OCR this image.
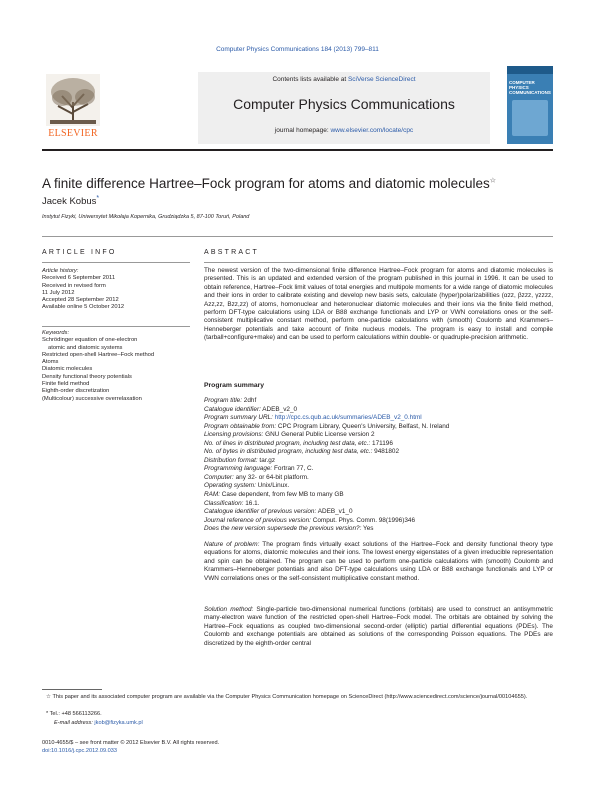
Computer Physics Communications 184 (2013) 799–811
ELSEVIER
Contents lists available at SciVerse ScienceDirect
Computer Physics Communications
journal homepage: www.elsevier.com/locate/cpc
COMPUTER PHYSICS COMMUNICATIONS
A finite difference Hartree–Fock program for atoms and diatomic molecules☆
Jacek Kobus*
Instytut Fizyki, Uniwersytet Mikołaja Kopernika, Grudziądzka 5, 87-100 Toruń, Poland
ARTICLE INFO
Article history:
Received 6 September 2011
Received in revised form
11 July 2012
Accepted 28 September 2012
Available online 5 October 2012
Keywords:
Schrödinger equation of one-electron
atomic and diatomic systems
Restricted open-shell Hartree–Fock method
Atoms
Diatomic molecules
Density functional theory potentials
Finite field method
Eighth-order discretization
(Multicolour) successive overrelaxation
ABSTRACT
The newest version of the two-dimensional finite difference Hartree–Fock program for atoms and diatomic molecules is presented. This is an updated and extended version of the program published in this journal in 1996. It can be used to obtain reference, Hartree–Fock limit values of total energies and multipole moments for a wide range of diatomic molecules and their ions in order to calibrate existing and develop new basis sets, calculate (hyper)polarizabilities (αzz, βzzz, γzzzz, Azz,zz, Bzz,zz) of atoms, homonuclear and heteronuclear diatomic molecules and their ions via the finite field method, perform DFT-type calculations using LDA or B88 exchange functionals and LYP or VWN correlations ones or the self-consistent multiplicative constant method, perform one-particle calculations with (smooth) Coulomb and Krammers–Henneberger potentials and take account of finite nucleus models. The program is easy to install and compile (tarball+configure+make) and can be used to perform calculations within double- or quadruple-precision arithmetic.
Program summary
Program title: 2dhf
Catalogue identifier: ADEB_v2_0
Program summary URL: http://cpc.cs.qub.ac.uk/summaries/ADEB_v2_0.html
Program obtainable from: CPC Program Library, Queen's University, Belfast, N. Ireland
Licensing provisions: GNU General Public License version 2
No. of lines in distributed program, including test data, etc.: 171196
No. of bytes in distributed program, including test data, etc.: 9481802
Distribution format: tar.gz
Programming language: Fortran 77, C.
Computer: any 32- or 64-bit platform.
Operating system: Unix/Linux.
RAM: Case dependent, from few MB to many GB
Classification: 16.1.
Catalogue identifier of previous version: ADEB_v1_0
Journal reference of previous version: Comput. Phys. Comm. 98(1996)346
Does the new version supersede the previous version?: Yes
Nature of problem: The program finds virtually exact solutions of the Hartree–Fock and density functional theory type equations for atoms, diatomic molecules and their ions. The lowest energy eigenstates of a given irreducible representation and spin can be obtained. The program can be used to perform one-particle calculations with (smooth) Coulomb and Krammers–Henneberger potentials and also DFT-type calculations using LDA or B88 exchange functionals and LYP or VWN correlations ones or the self-consistent multiplicative constant method.
Solution method: Single-particle two-dimensional numerical functions (orbitals) are used to construct an antisymmetric many-electron wave function of the restricted open-shell Hartree–Fock model. The orbitals are obtained by solving the Hartree–Fock equations as coupled two-dimensional second-order (elliptic) partial differential equations (PDEs). The Coulomb and exchange potentials are obtained as solutions of the corresponding Poisson equations. The PDEs are discretized by the eighth-order central
☆ This paper and its associated computer program are available via the Computer Physics Communication homepage on ScienceDirect (http://www.sciencedirect.com/science/journal/00104655).
* Tel.: +48 566113266.
E-mail address: jkob@fizyka.umk.pl
0010-4655/$ – see front matter © 2012 Elsevier B.V. All rights reserved.
doi:10.1016/j.cpc.2012.09.033
